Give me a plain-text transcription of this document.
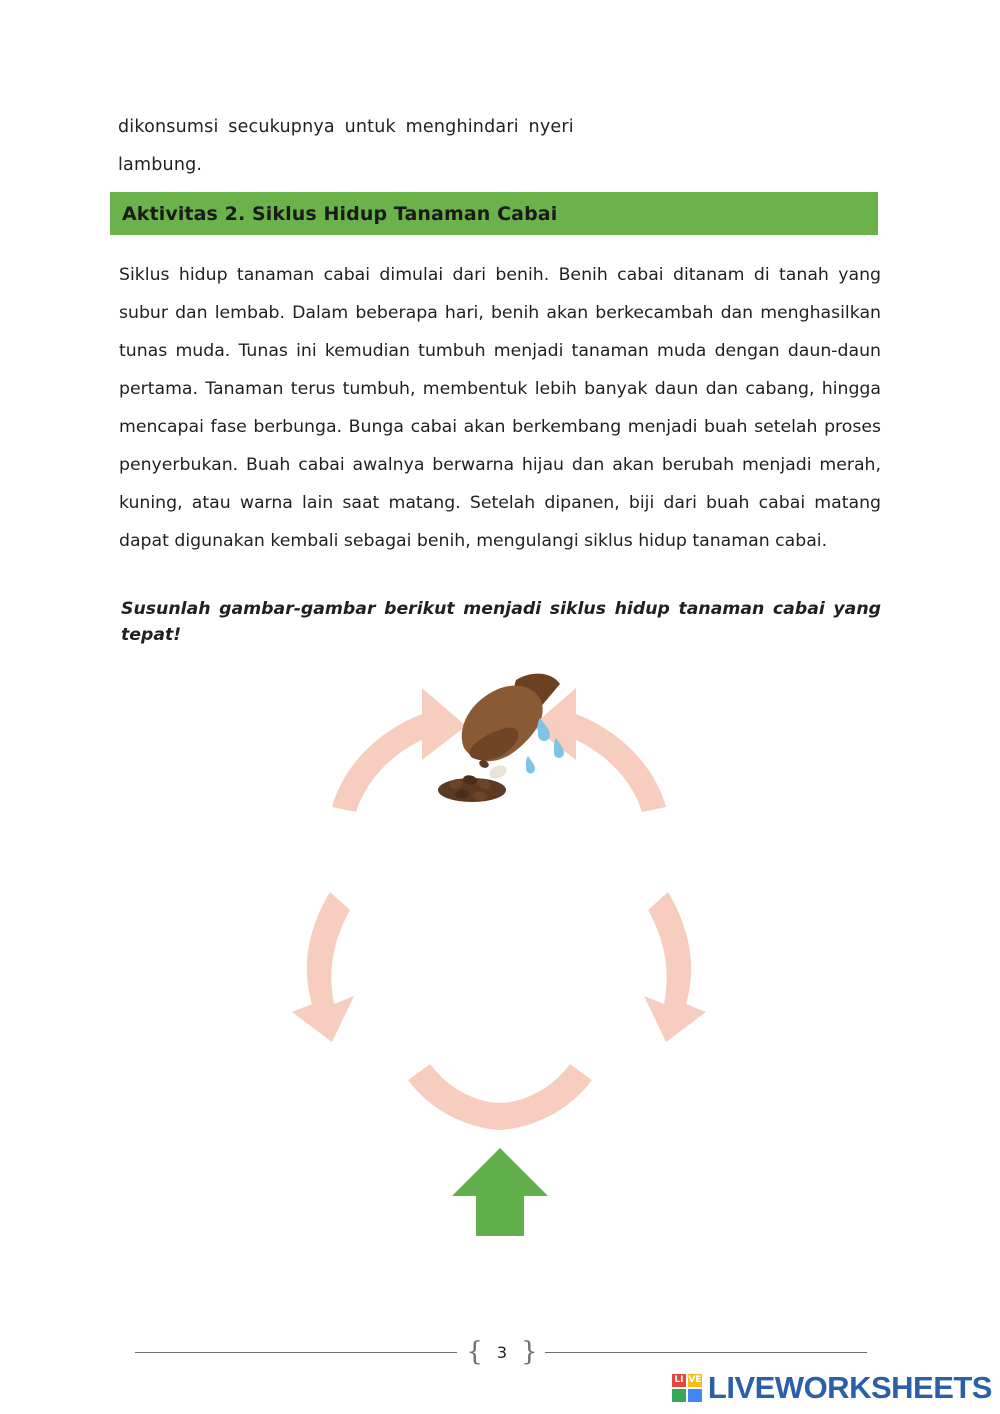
dikonsumsi secukupnya untuk menghindari nyeri
lambung.
Aktivitas 2. Siklus Hidup Tanaman Cabai
Siklus hidup tanaman cabai dimulai dari benih. Benih cabai ditanam di tanah yang subur dan lembab. Dalam beberapa hari, benih akan berkecambah dan menghasilkan tunas muda. Tunas ini kemudian tumbuh menjadi tanaman muda dengan daun-daun pertama. Tanaman terus tumbuh, membentuk lebih banyak daun dan cabang, hingga mencapai fase berbunga. Bunga cabai akan berkembang menjadi buah setelah proses penyerbukan. Buah cabai awalnya berwarna hijau dan akan berubah menjadi merah, kuning, atau warna lain saat matang. Setelah dipanen, biji dari buah cabai matang dapat digunakan kembali sebagai benih, mengulangi siklus hidup tanaman cabai.
Susunlah gambar-gambar berikut menjadi siklus hidup tanaman cabai yang tepat!
{ 3 }
LI VE LIVEWORKSHEETS
